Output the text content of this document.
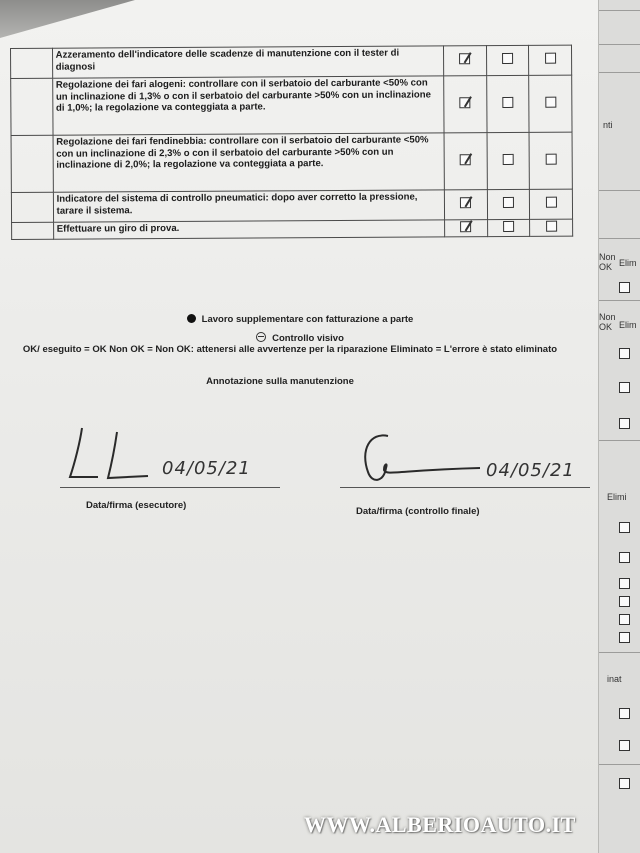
nti
Non
OK Elim
Non
OK Elim
Elimi
inat
	Azzeramento dell'indicatore delle scadenze di manutenzione con il tester di diagnosi			
	Regolazione dei fari alogeni: controllare con il serbatoio del carburante <50% con un inclinazione di 1,3% o con il serbatoio del carburante >50% con un inclinazione di 1,0%; la regolazione va conteggiata a parte.			
	Regolazione dei fari fendinebbia: controllare con il serbatoio del carburante <50% con un inclinazione di 2,3% o con il serbatoio del carburante >50% con un inclinazione di 2,0%; la regolazione va conteggiata a parte.			
	Indicatore del sistema di controllo pneumatici: dopo aver corretto la pressione, tarare il sistema.			
	Effettuare un giro di prova.			
Lavoro supplementare con fatturazione a parte
Controllo visivo
OK/ eseguito = OK Non OK = Non OK: attenersi alle avvertenze per la riparazione Eliminato = L'errore è stato eliminato
Annotazione sulla manutenzione
04/05/21
Data/firma (esecutore)
04/05/21
Data/firma (controllo finale)
WWW.ALBERIOAUTO.IT
